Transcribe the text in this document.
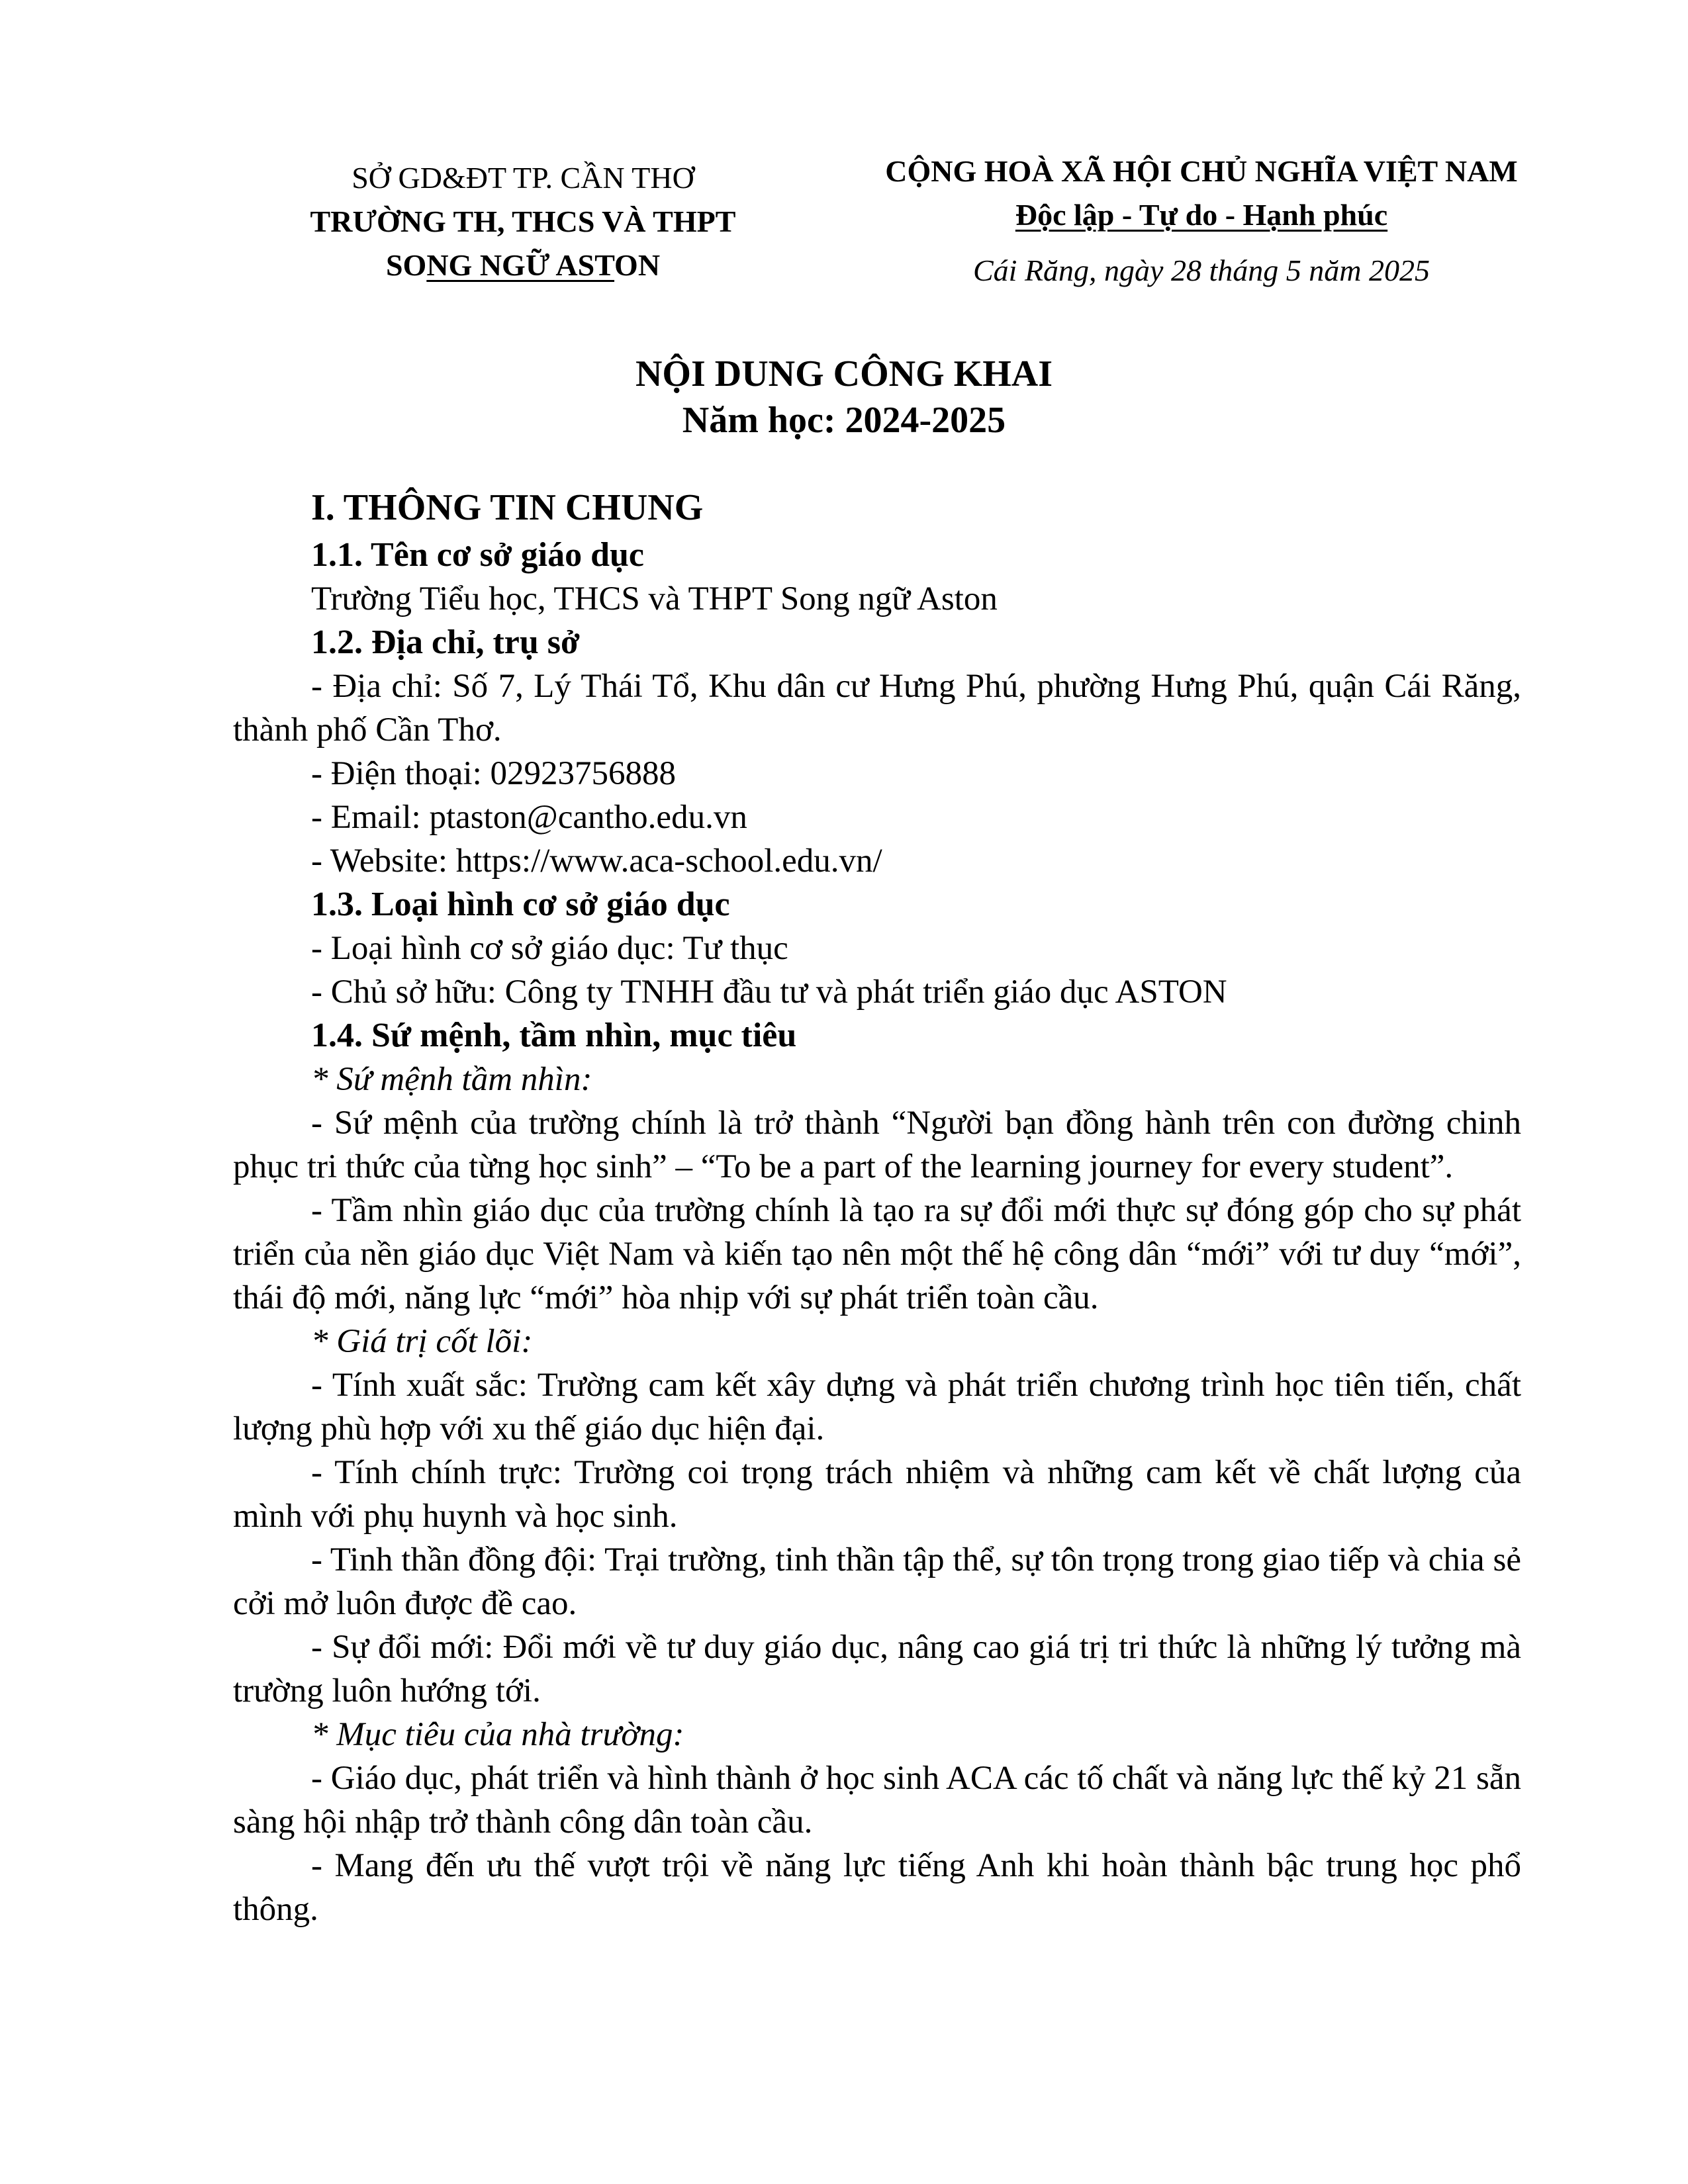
SỞ GD&ĐT TP. CẦN THƠ
TRƯỜNG TH, THCS VÀ THPT
SONG NGỮ ASTON
CỘNG HOÀ XÃ HỘI CHỦ NGHĨA VIỆT NAM
Độc lập - Tự do - Hạnh phúc
Cái Răng, ngày 28 tháng 5 năm 2025
NỘI DUNG CÔNG KHAI
Năm học: 2024-2025

I. THÔNG TIN CHUNG

1.1. Tên cơ sở giáo dục

Trường Tiểu học, THCS và THPT Song ngữ Aston

1.2. Địa chỉ, trụ sở

- Địa chỉ: Số 7, Lý Thái Tổ, Khu dân cư Hưng Phú, phường Hưng Phú, quận Cái Răng, thành phố Cần Thơ.

- Điện thoại: 02923756888

- Email: ptaston@cantho.edu.vn

- Website: https://www.aca-school.edu.vn/

1.3. Loại hình cơ sở giáo dục

- Loại hình cơ sở giáo dục: Tư thục

- Chủ sở hữu: Công ty TNHH đầu tư và phát triển giáo dục ASTON

1.4. Sứ mệnh, tầm nhìn, mục tiêu

* Sứ mệnh tầm nhìn:

- Sứ mệnh của trường chính là trở thành “Người bạn đồng hành trên con đường chinh phục tri thức của từng học sinh” – “To be a part of the learning journey for every student”.

- Tầm nhìn giáo dục của trường chính là tạo ra sự đổi mới thực sự đóng góp cho sự phát triển của nền giáo dục Việt Nam và kiến tạo nên một thế hệ công dân “mới” với tư duy “mới”, thái độ mới, năng lực “mới” hòa nhịp với sự phát triển toàn cầu.

* Giá trị cốt lõi:

- Tính xuất sắc: Trường cam kết xây dựng và phát triển chương trình học tiên tiến, chất lượng phù hợp với xu thế giáo dục hiện đại.

- Tính chính trực: Trường coi trọng trách nhiệm và những cam kết về chất lượng của mình với phụ huynh và học sinh.

- Tinh thần đồng đội: Trại trường, tinh thần tập thể, sự tôn trọng trong giao tiếp và chia sẻ cởi mở luôn được đề cao.

- Sự đổi mới: Đổi mới về tư duy giáo dục, nâng cao giá trị tri thức là những lý tưởng mà trường luôn hướng tới.

* Mục tiêu của nhà trường:

- Giáo dục, phát triển và hình thành ở học sinh ACA các tố chất và năng lực thế kỷ 21 sẵn sàng hội nhập trở thành công dân toàn cầu.

- Mang đến ưu thế vượt trội về năng lực tiếng Anh khi hoàn thành bậc trung học phổ thông.
